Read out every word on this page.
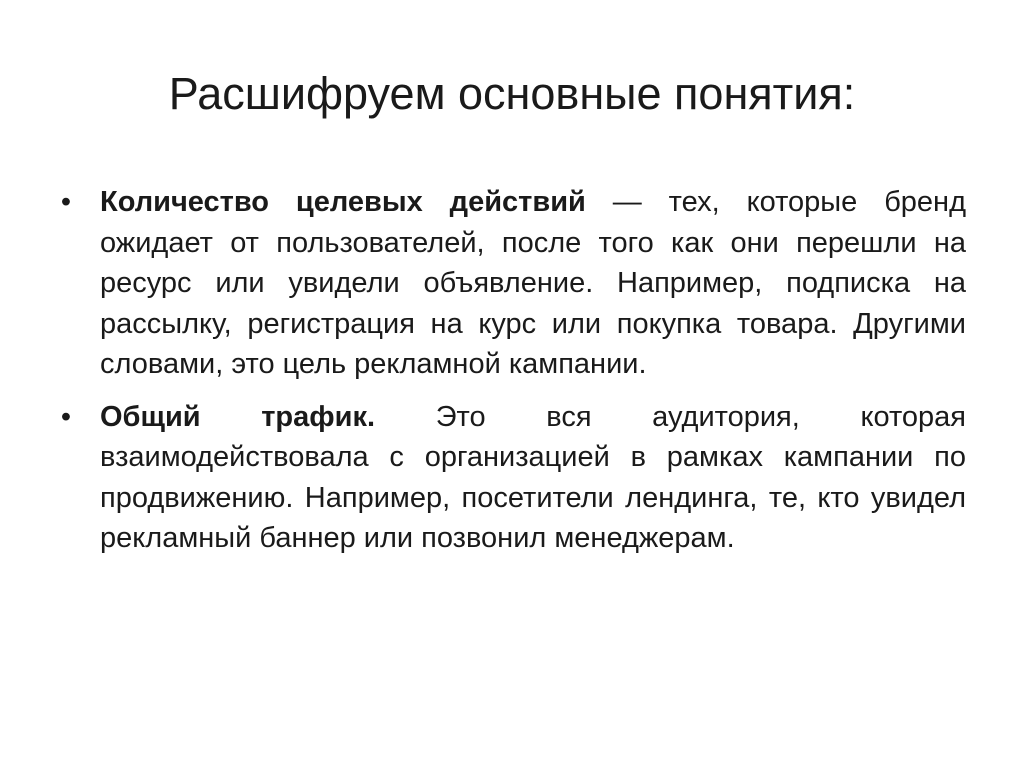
Расшифруем основные понятия:
• Количество целевых действий — тех, которые бренд ожидает от пользователей, после того как они перешли на ресурс или увидели объявление. Например, подписка на рассылку, регистрация на курс или покупка товара. Другими словами, это цель рекламной кампании.
• Общий трафик. Это вся аудитория, которая взаимодействовала с организацией в рамках кампании по продвижению. Например, посетители лендинга, те, кто увидел рекламный баннер или позвонил менеджерам.
